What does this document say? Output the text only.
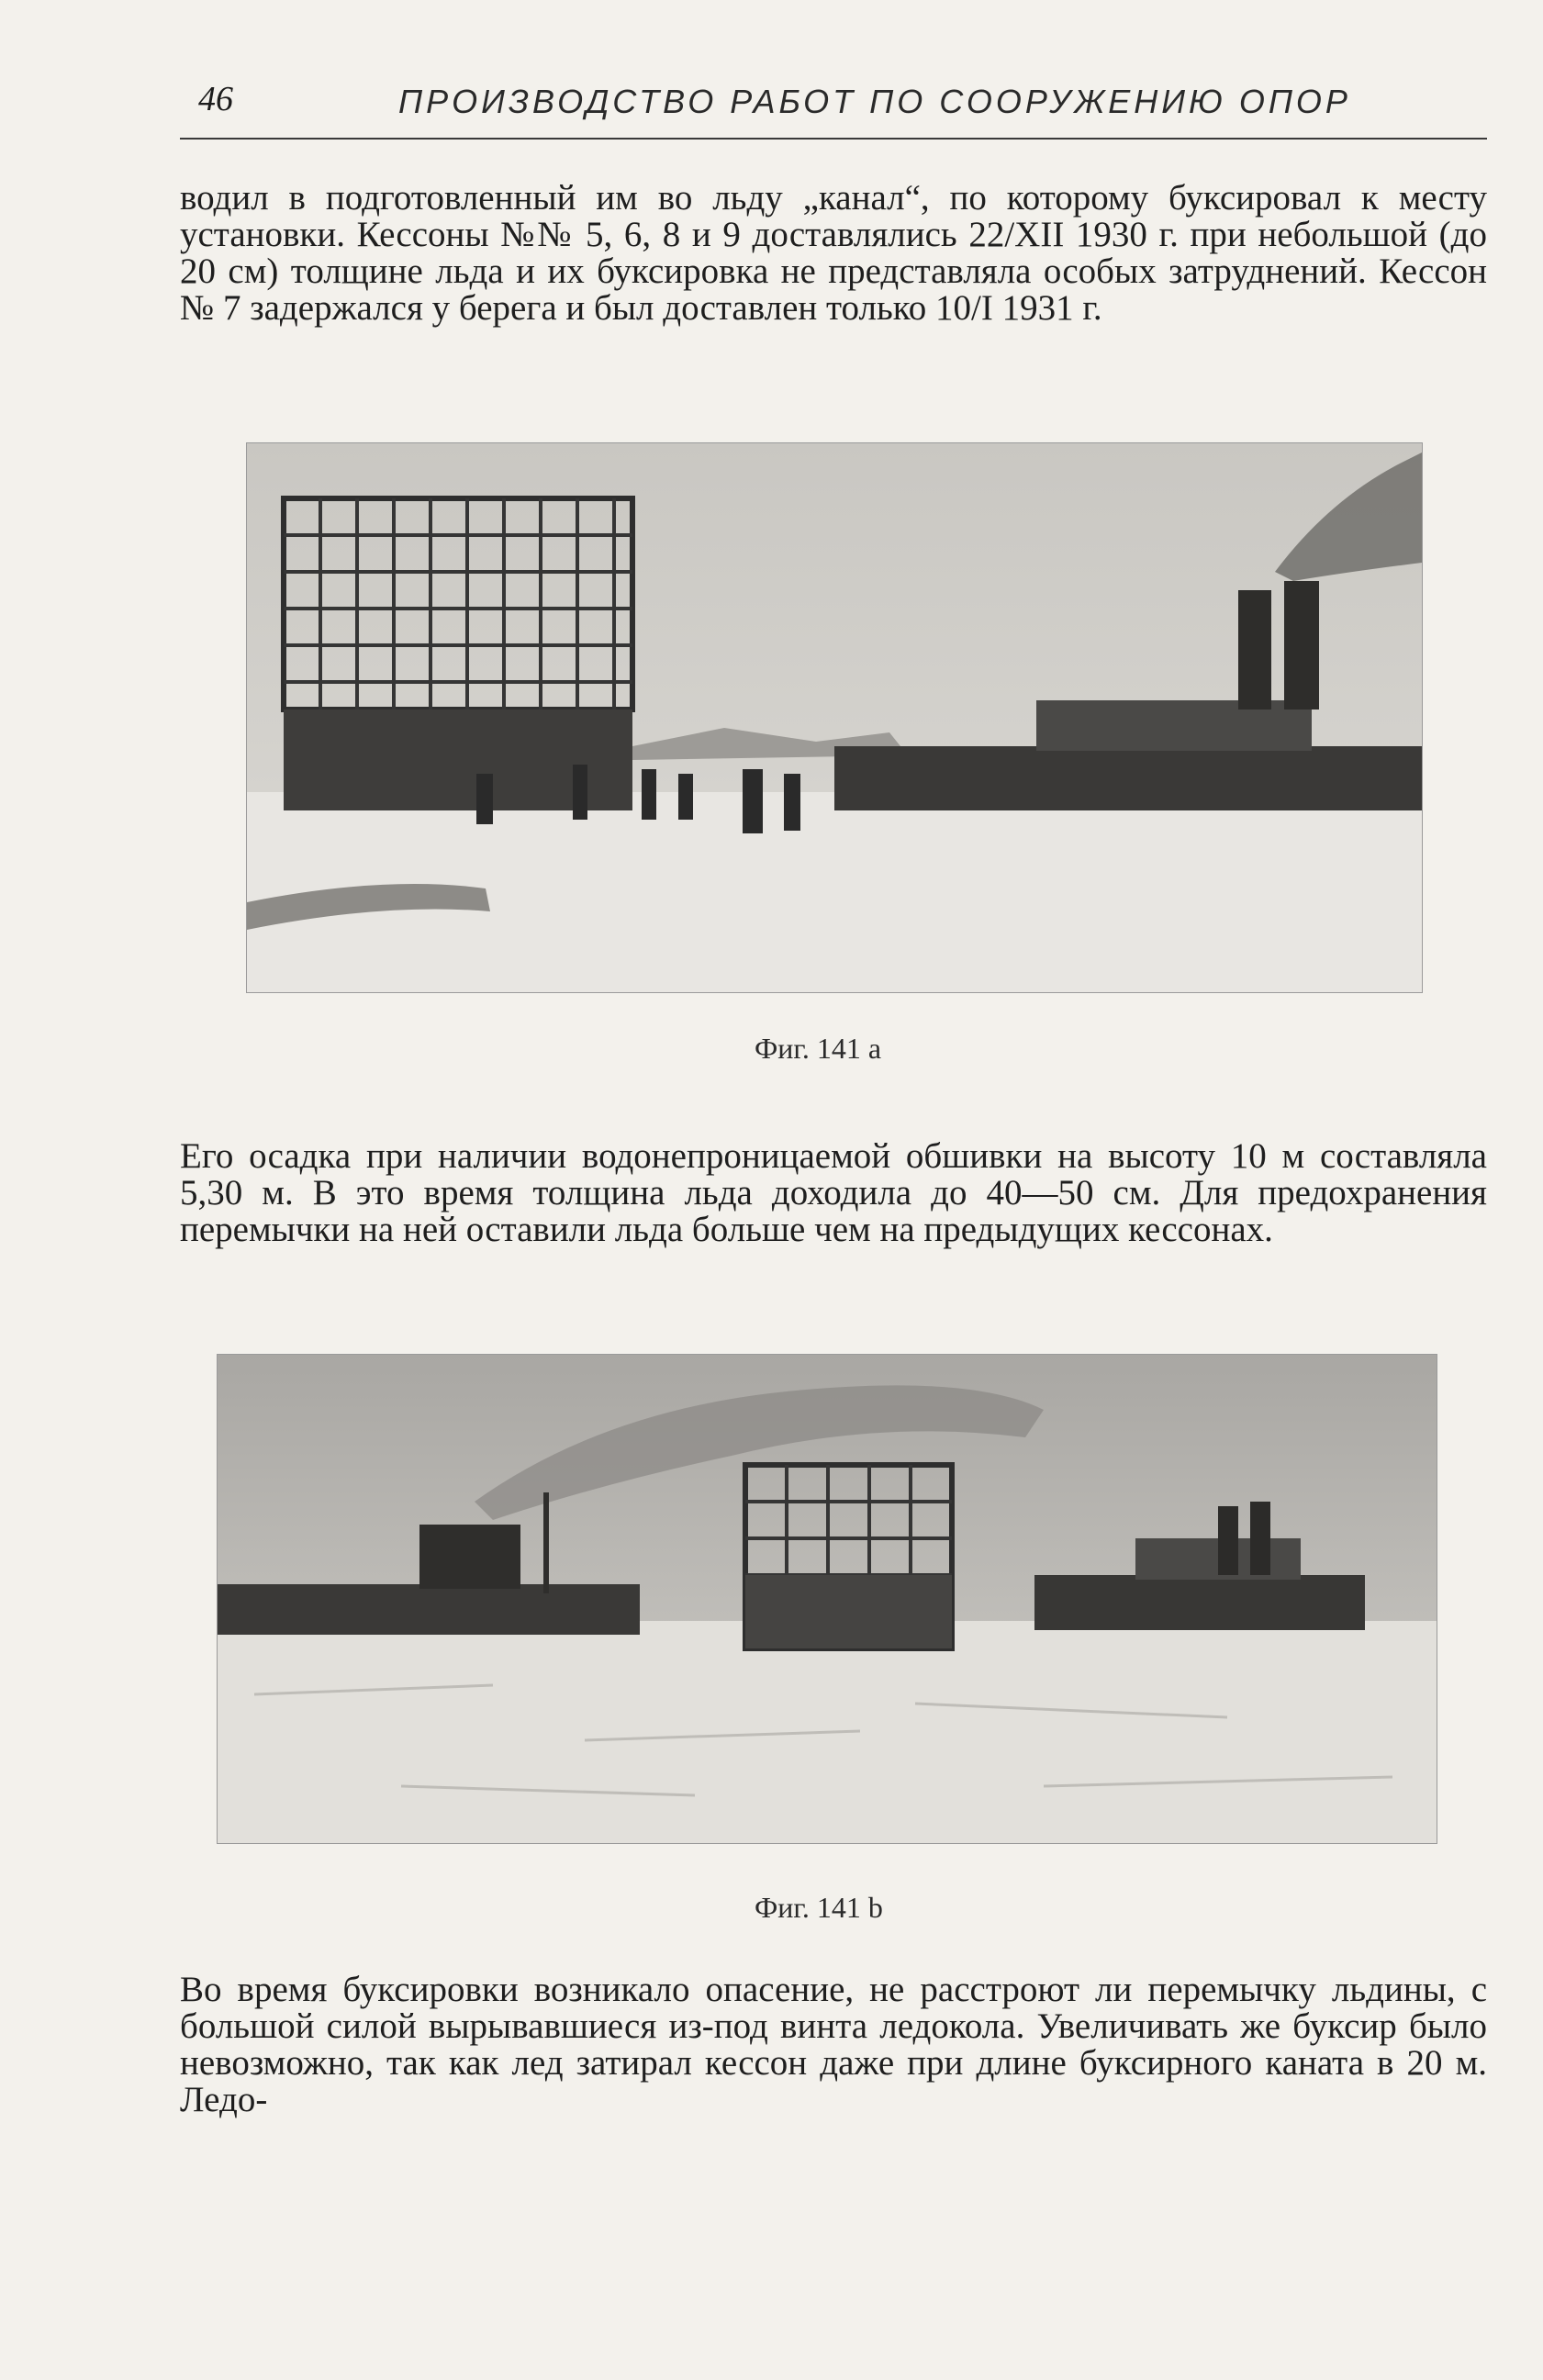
46	ПРОИЗВОДСТВО РАБОТ ПО СООРУЖЕНИЮ ОПОР

водил в подготовленный им во льду „канал“, по которому буксировал к месту установки. Кессоны №№ 5, 6, 8 и 9 доставлялись 22/XII 1930 г. при небольшой (до 20 см) толщине льда и их буксировка не представляла особых затруднений. Кессон № 7 задержался у берега и был доставлен только 10/I 1931 г.

Фиг. 141 а

Его осадка при наличии водонепроницаемой обшивки на высоту 10 м составляла 5,30 м. В это время толщина льда доходила до 40—50 см. Для предохранения перемычки на ней оставили льда больше чем на предыдущих кессонах.

Фиг. 141 b

Во время буксировки возникало опасение, не расстроют ли перемычку льдины, с большой силой вырывавшиеся из-под винта ледокола. Увеличивать же буксир было невозможно, так как лед затирал кессон даже при длине буксирного каната в 20 м. Ледо-
